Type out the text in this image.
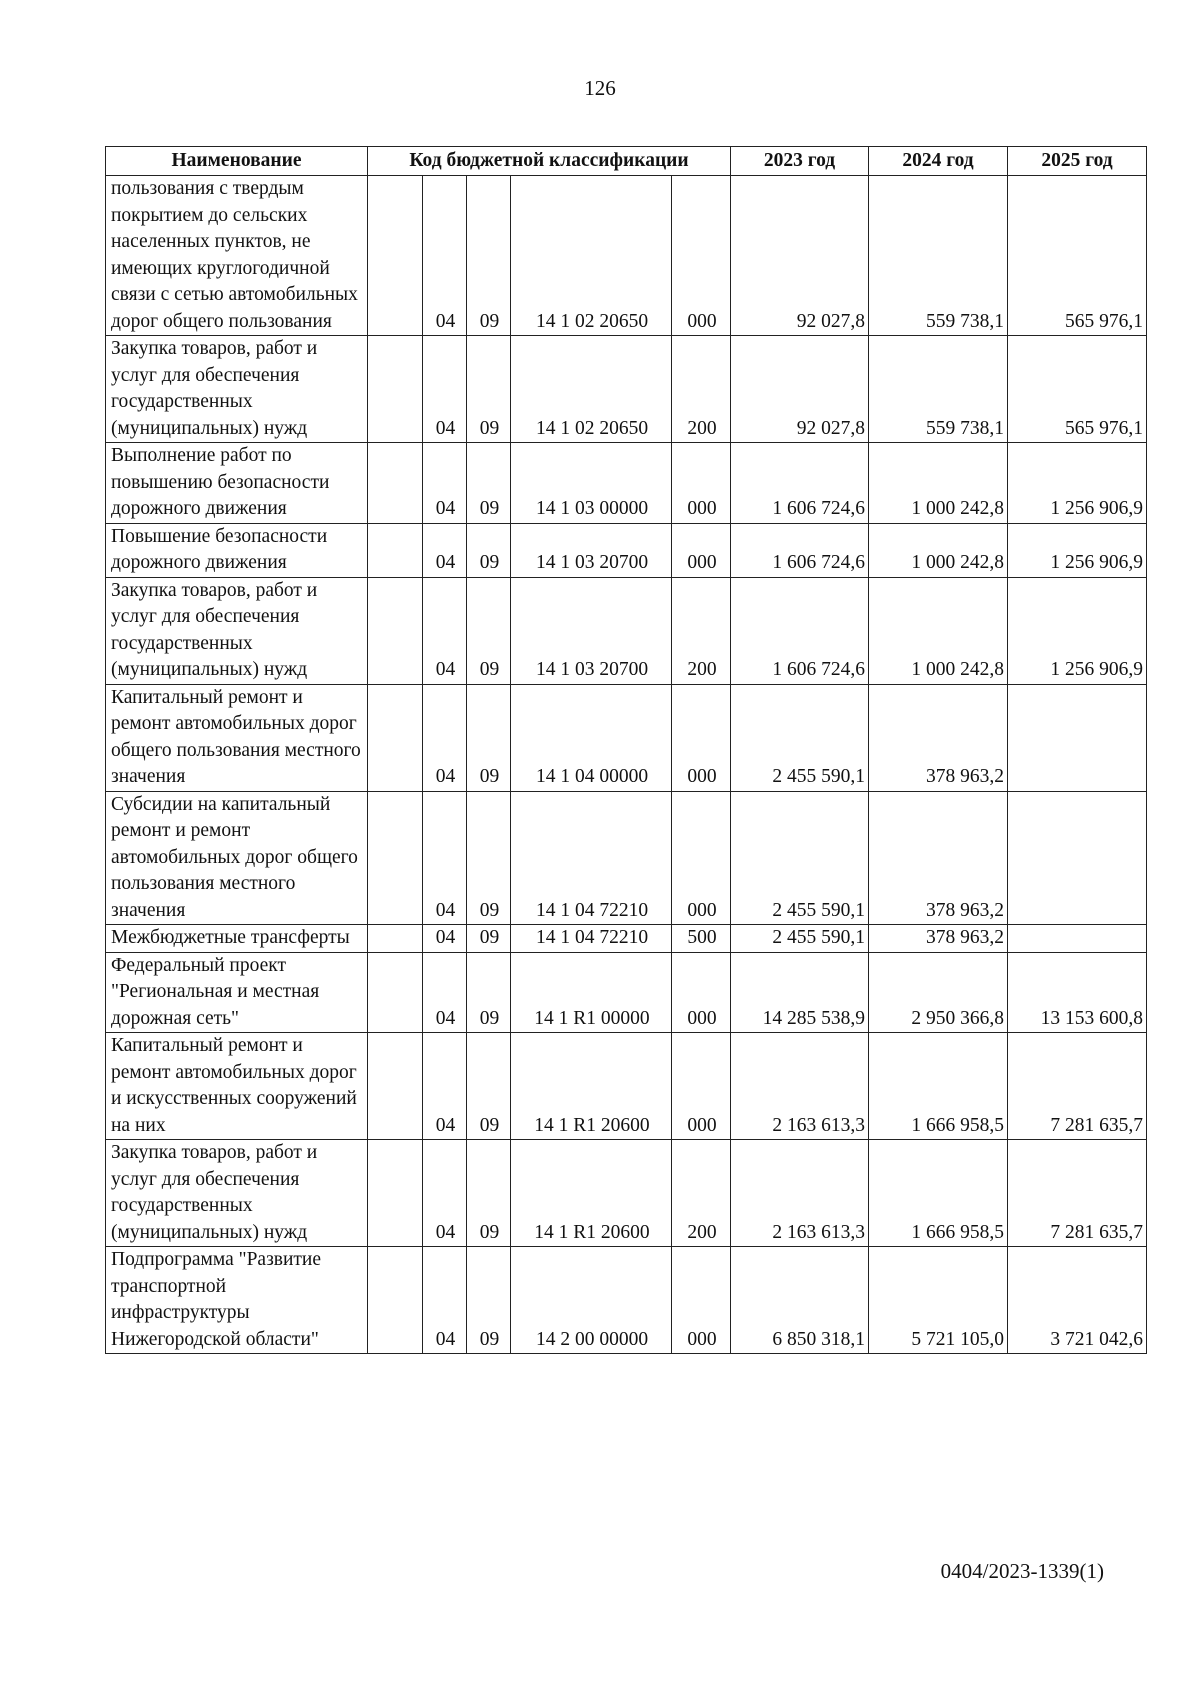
126
Наименование	Код бюджетной классификации					2023 год	2024 год	2025 год
пользования с твердым покрытием до сельских населенных пунктов, не имеющих круглогодичной связи с сетью автомобильных дорог общего пользования		04	09	14 1 02 20650	000	92 027,8	559 738,1	565 976,1
Закупка товаров, работ и услуг для обеспечения государственных (муниципальных) нужд		04	09	14 1 02 20650	200	92 027,8	559 738,1	565 976,1
Выполнение работ по повышению безопасности дорожного движения		04	09	14 1 03 00000	000	1 606 724,6	1 000 242,8	1 256 906,9
Повышение безопасности дорожного движения		04	09	14 1 03 20700	000	1 606 724,6	1 000 242,8	1 256 906,9
Закупка товаров, работ и услуг для обеспечения государственных (муниципальных) нужд		04	09	14 1 03 20700	200	1 606 724,6	1 000 242,8	1 256 906,9
Капитальный ремонт и ремонт автомобильных дорог общего пользования местного значения		04	09	14 1 04 00000	000	2 455 590,1	378 963,2	
Субсидии на капитальный ремонт и ремонт автомобильных дорог общего пользования местного значения		04	09	14 1 04 72210	000	2 455 590,1	378 963,2	
Межбюджетные трансферты		04	09	14 1 04 72210	500	2 455 590,1	378 963,2	
Федеральный проект "Региональная и местная дорожная сеть"		04	09	14 1 R1 00000	000	14 285 538,9	2 950 366,8	13 153 600,8
Капитальный ремонт и ремонт автомобильных дорог и искусственных сооружений на них		04	09	14 1 R1 20600	000	2 163 613,3	1 666 958,5	7 281 635,7
Закупка товаров, работ и услуг для обеспечения государственных (муниципальных) нужд		04	09	14 1 R1 20600	200	2 163 613,3	1 666 958,5	7 281 635,7
Подпрограмма "Развитие транспортной инфраструктуры Нижегородской области"		04	09	14 2 00 00000	000	6 850 318,1	5 721 105,0	3 721 042,6
0404/2023-1339(1)
